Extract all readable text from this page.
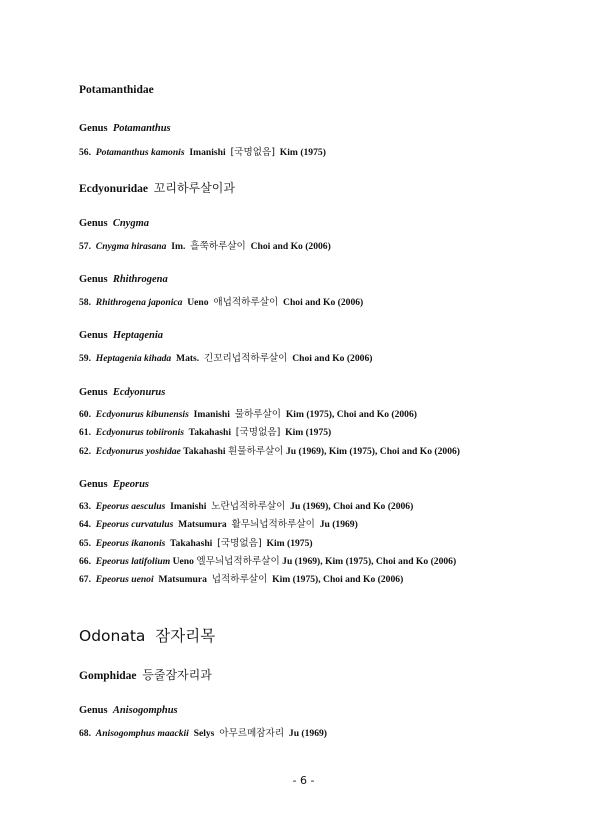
Potamanthidae
Genus Potamanthus
56. Potamanthus kamonis Imanishi [국명없음] Kim (1975)
Ecdyonuridae 꼬리하루살이과
Genus Cnygma
57. Cnygma hirasana Im. 흘쭉하루살이 Choi and Ko (2006)
Genus Rhithrogena
58. Rhithrogena japonica Ueno 애넙적하루살이 Choi and Ko (2006)
Genus Heptagenia
59. Heptagenia kihada Mats. 긴꼬리넙적하루살이 Choi and Ko (2006)
Genus Ecdyonurus
60. Ecdyonurus kibunensis Imanishi 물하루살이 Kim (1975), Choi and Ko (2006)
61. Ecdyonurus tobiironis Takahashi [국명없음] Kim (1975)
62. Ecdyonurus yoshidae Takahashi 흰물하루살이 Ju (1969), Kim (1975), Choi and Ko (2006)
Genus Epeorus
63. Epeorus aesculus Imanishi 노란넙적하루살이 Ju (1969), Choi and Ko (2006)
64. Epeorus curvatulus Matsumura 활무늬넙적하루살이 Ju (1969)
65. Epeorus ikanonis Takahashi [국명없음] Kim (1975)
66. Epeorus latifolium Ueno 엘무늬넙적하루살이 Ju (1969), Kim (1975), Choi and Ko (2006)
67. Epeorus uenoi Matsumura 넙적하루살이 Kim (1975), Choi and Ko (2006)
Odonata 잠자리목
Gomphidae 등줄잠자리과
Genus Anisogomphus
68. Anisogomphus maackii Selys 아무르메잠자리 Ju (1969)
- 6 -
